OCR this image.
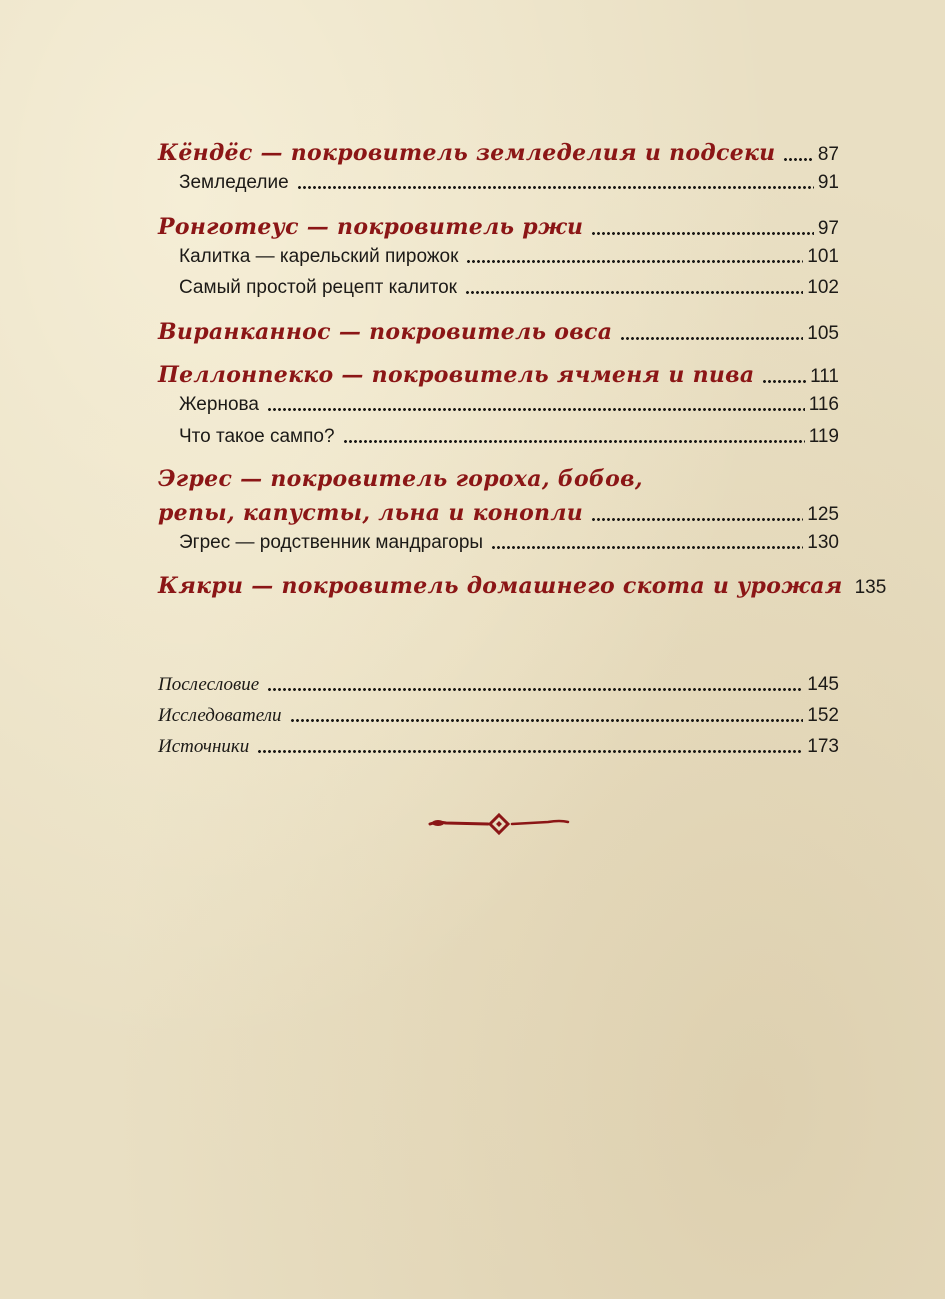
Кёндёс — покровитель земледелия и подсеки 87
Земледелие	91
Ронготеус — покровитель ржи	97
Калитка — карельский пирожок	101
Самый простой рецепт калиток	102
Виранканнос — покровитель овса	105
Пеллонпекко — покровитель ячменя и пива	111
Жернова	116
Что такое сампо?	119
Эгрес — покровитель гороха, бобов,
репы, капусты, льна и конопли	125
Эгрес — родственник мандрагоры	130
Кякри — покровитель домашнего скота и урожая 135
Послесловие	145
Исследователи	152
Источники	173
